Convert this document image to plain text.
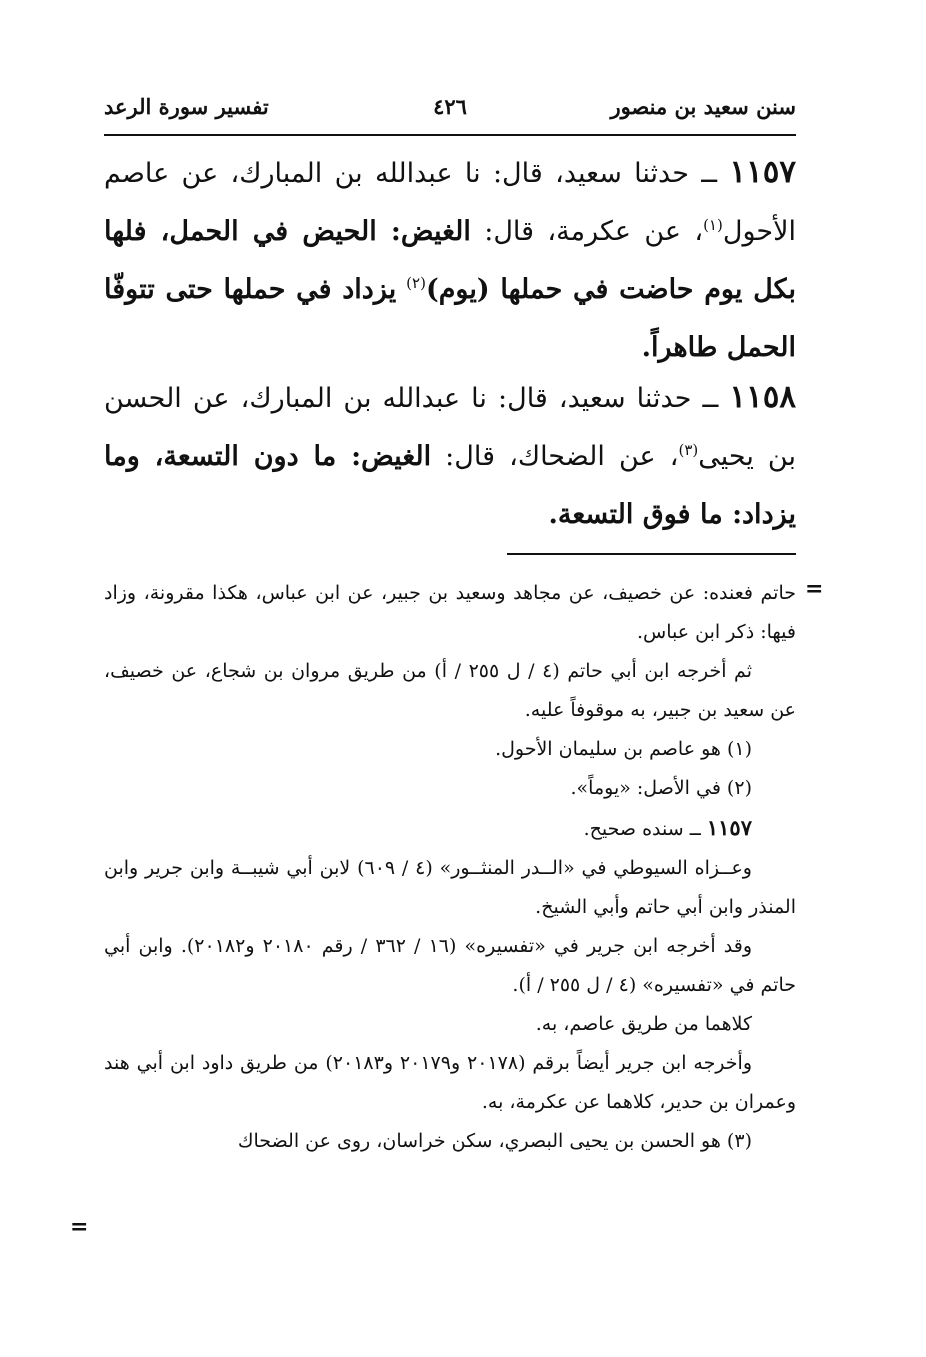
سنن سعيد بن منصور
٤٢٦
تفسير سورة الرعد
١١٥٧ ــ حدثنا سعيد، قال: نا عبدالله بن المبارك، عن عاصم الأحول$^{(١)}$، عن عكرمة، قال: الغيض: الحيض في الحمل، فلها بكل يوم حاضت في حملها (يوم)$^{(٢)}$ يزداد في حملها حتى تتوفّا الحمل طاهراً.
١١٥٨ ــ حدثنا سعيد، قال: نا عبدالله بن المبارك، عن الحسن بن يحيى$^{(٣)}$، عن الضحاك، قال: الغيض: ما دون التسعة، وما يزداد: ما فوق التسعة.
=

حاتم فعنده: عن خصيف، عن مجاهد وسعيد بن جبير، عن ابن عباس، هكذا مقرونة، وزاد فيها: ذكر ابن عباس.

ثم أخرجه ابن أبي حاتم (٤ / ل ٢٥٥ / أ) من طريق مروان بن شجاع، عن خصيف، عن سعيد بن جبير، به موقوفاً عليه.

(١) هو عاصم بن سليمان الأحول.

(٢) في الأصل: «يوماً».

١١٥٧ ــ سنده صحيح.

وعــزاه السيوطي في «الــدر المنثــور» (٤ / ٦٠٩) لابن أبي شيبــة وابن جرير وابن المنذر وابن أبي حاتم وأبي الشيخ.

وقد أخرجه ابن جرير في «تفسيره» (١٦ / ٣٦٢ / رقم ٢٠١٨٠ و٢٠١٨٢). وابن أبي حاتم في «تفسيره» (٤ / ل ٢٥٥ / أ).

كلاهما من طريق عاصم، به.

وأخرجه ابن جرير أيضاً برقم (٢٠١٧٨ و٢٠١٧٩ و٢٠١٨٣) من طريق داود ابن أبي هند وعمران بن حدير، كلاهما عن عكرمة، به.

(٣) هو الحسن بن يحيى البصري، سكن خراسان، روى عن الضحاك

=
